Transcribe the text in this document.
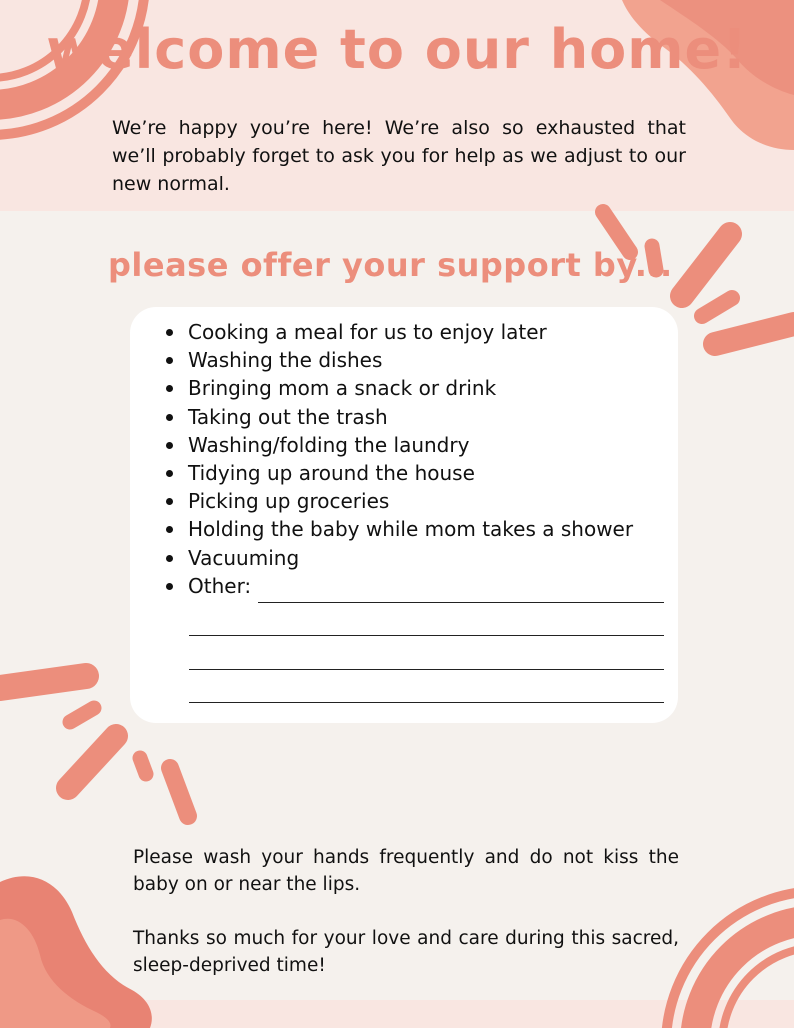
welcome to our home!

We’re happy you’re here! We’re also so exhausted that we’ll probably forget to ask you for help as we adjust to our new normal.

please offer your support by...
Cooking a meal for us to enjoy later
Washing the dishes
Bringing mom a snack or drink
Taking out the trash
Washing/folding the laundry
Tidying up around the house
Picking up groceries
Holding the baby while mom takes a shower
Vacuuming
Other:

Please wash your hands frequently and do not kiss the baby on or near the lips.

Thanks so much for your love and care during this sacred, sleep-deprived time!
